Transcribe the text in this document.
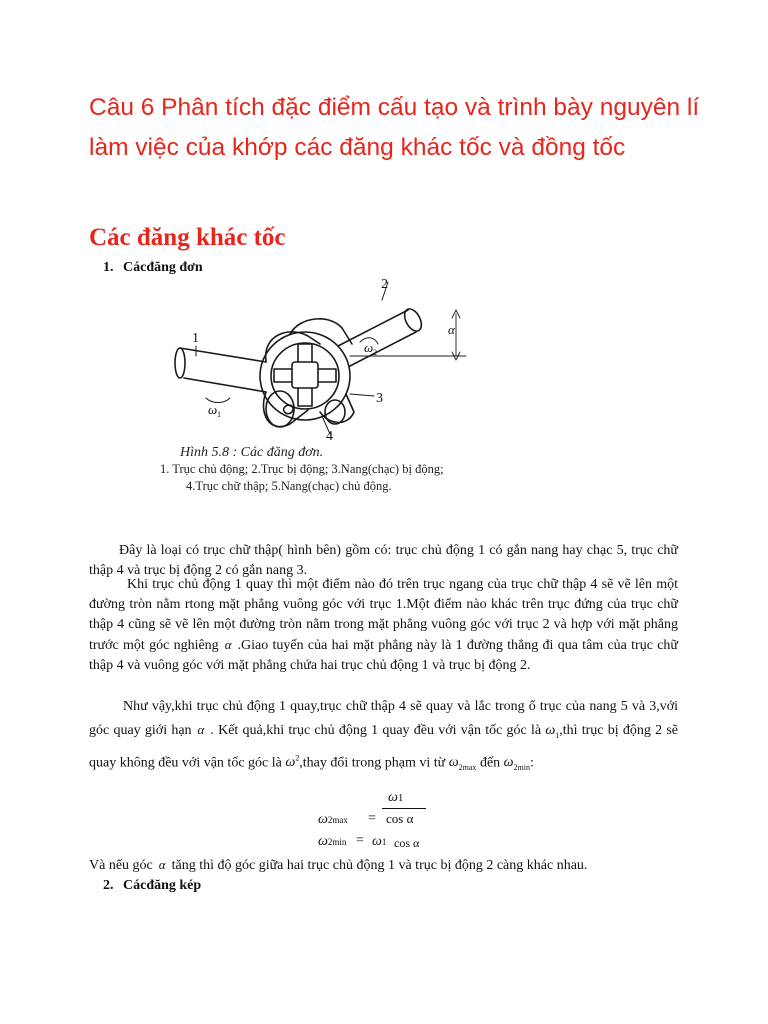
Câu 6 Phân tích đặc điểm cấu tạo và trình bày nguyên lí làm việc của khớp các đăng khác tốc và đồng tốc
Các đăng khác tốc

1. Cácđăng đơn

1
2
3
4
α
ω 1
ω 2

Hình 5.8 : Các đăng đơn.

1. Trục chủ động; 2.Trục bị động; 3.Nang(chạc) bị động;

4.Trục chữ thập; 5.Nang(chạc) chủ động.

Đây là loại có trục chữ thập( hình bên) gồm có: trục chủ động 1 có gắn nang hay chạc 5, trục chữ thập 4 và trục bị động 2 có gắn nang 3.

Khi trục chủ động 1 quay thì một điểm nào đó trên trục ngang của trục chữ thập 4 sẽ vẽ lên một đường tròn nằm rtong mặt phẳng vuông góc với trục 1.Một điểm nào khác trên trục đứng của trục chữ thập 4 cũng sẽ vẽ lên một đường tròn nằm trong mặt phẳng vuông góc với trục 2 và hợp với mặt phẳng trước một góc nghiêng α .Giao tuyến của hai mặt phẳng này là 1 đường thẳng đi qua tâm của trục chữ thập 4 và vuông góc với mặt phẳng chứa hai trục chủ động 1 và trục bị động 2.

Như vậy,khi trục chủ động 1 quay,trục chữ thập 4 sẽ quay và lắc trong ổ trục của nang 5 và 3,với góc quay giới hạn α . Kết quả,khi trục chủ động 1 quay đều với vận tốc góc là $\omega_1,thì$ trục bị động 2 sẽ quay không đều với vận tốc góc là $\omega^2,thay$ đổi trong phạm vi từ $\omega_{2max}$ đến $\omega_{2min}$:

ω2max =
ω1
cos α
ω2min = ω1 cos α

Và nếu góc α tăng thì độ góc giữa hai trục chủ động 1 và trục bị động 2 càng khác nhau.

2. Cácđăng kép
